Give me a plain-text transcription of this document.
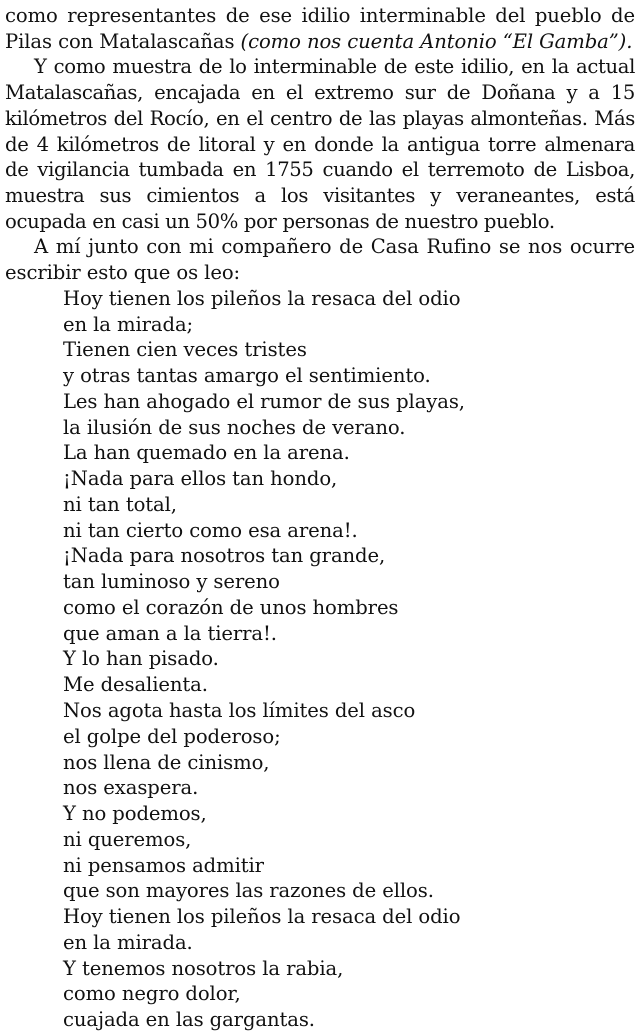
como representantes de ese idilio interminable del pueblo de Pilas con Matalascañas (como nos cuenta Antonio “El Gamba”).

Y como muestra de lo interminable de este idilio, en la actual Matalascañas, encajada en el extremo sur de Doñana y a 15 kilómetros del Rocío, en el centro de las playas almonteñas. Más de 4 kilómetros de litoral y en donde la antigua torre almenara de vigilancia tumbada en 1755 cuando el terremoto de Lisboa, muestra sus cimientos a los visitantes y veraneantes, está ocupada en casi un 50% por personas de nuestro pueblo.

A mí junto con mi compañero de Casa Rufino se nos ocurre escribir esto que os leo:

Hoy tienen los pileños la resaca del odio
en la mirada;
Tienen cien veces tristes
y otras tantas amargo el sentimiento.
Les han ahogado el rumor de sus playas,
la ilusión de sus noches de verano.
La han quemado en la arena.
¡Nada para ellos tan hondo,
ni tan total,
ni tan cierto como esa arena!.
¡Nada para nosotros tan grande,
tan luminoso y sereno
como el corazón de unos hombres
que aman a la tierra!.
Y lo han pisado.
Me desalienta.
Nos agota hasta los límites del asco
el golpe del poderoso;
nos llena de cinismo,
nos exaspera.
Y no podemos,
ni queremos,
ni pensamos admitir
que son mayores las razones de ellos.
Hoy tienen los pileños la resaca del odio
en la mirada.
Y tenemos nosotros la rabia,
como negro dolor,
cuajada en las gargantas.
